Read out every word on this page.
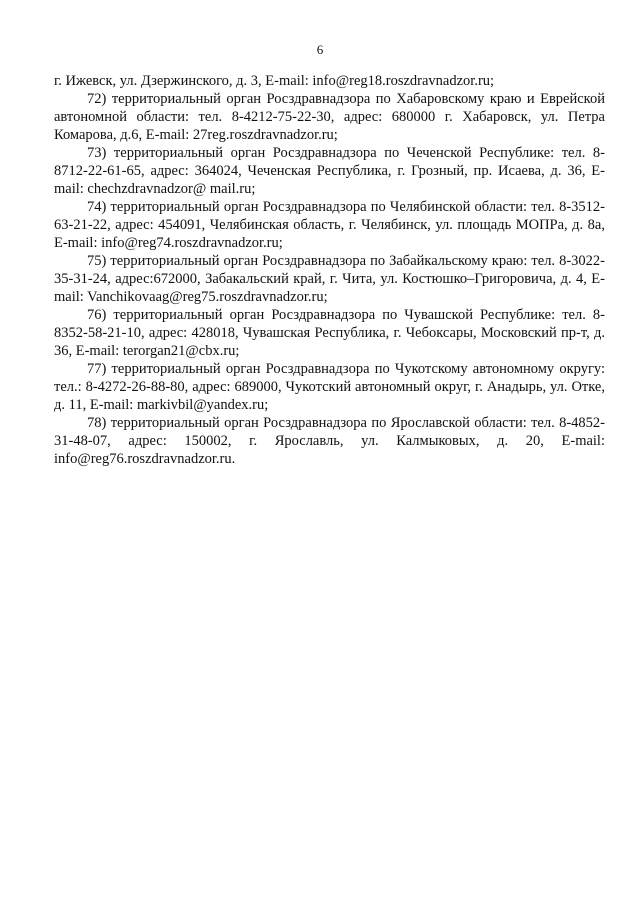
6

г. Ижевск, ул. Дзержинского, д. 3, E-mail: info@reg18.roszdravnadzor.ru;

72) территориальный орган Росздравнадзора по Хабаровскому краю и Еврейской автономной области: тел. 8-4212-75-22-30, адрес: 680000 г. Хабаровск, ул. Петра Комарова, д.6, E-mail: 27reg.roszdravnadzor.ru;

73) территориальный орган Росздравнадзора по Чеченской Республике: тел. 8-8712-22-61-65, адрес: 364024, Чеченская Республика, г. Грозный, пр. Исаева, д. 36, E-mail: chechzdravnadzor@ mail.ru;

74) территориальный орган Росздравнадзора по Челябинской области: тел. 8-3512-63-21-22, адрес: 454091, Челябинская область, г. Челябинск, ул. площадь МОПРа, д. 8а, E-mail: info@reg74.roszdravnadzor.ru;

75) территориальный орган Росздравнадзора по Забайкальскому краю: тел. 8-3022-35-31-24, адрес:672000, Забакальский край, г. Чита, ул. Костюшко–Григоровича, д. 4, E-mail: Vanchikovaag@reg75.roszdravnadzor.ru;

76) территориальный орган Росздравнадзора по Чувашской Республике: тел. 8-8352-58-21-10, адрес: 428018, Чувашская Республика, г. Чебоксары, Московский пр-т, д. 36, E-mail: terorgan21@cbx.ru;

77) территориальный орган Росздравнадзора по Чукотскому автономному округу: тел.: 8-4272-26-88-80, адрес: 689000, Чукотский автономный округ, г. Анадырь, ул. Отке, д. 11, E-mail: markivbil@yandex.ru;

78) территориальный орган Росздравнадзора по Ярославской области: тел. 8-4852-31-48-07, адрес: 150002, г. Ярославль, ул. Калмыковых, д. 20, E-mail: info@reg76.roszdravnadzor.ru.
